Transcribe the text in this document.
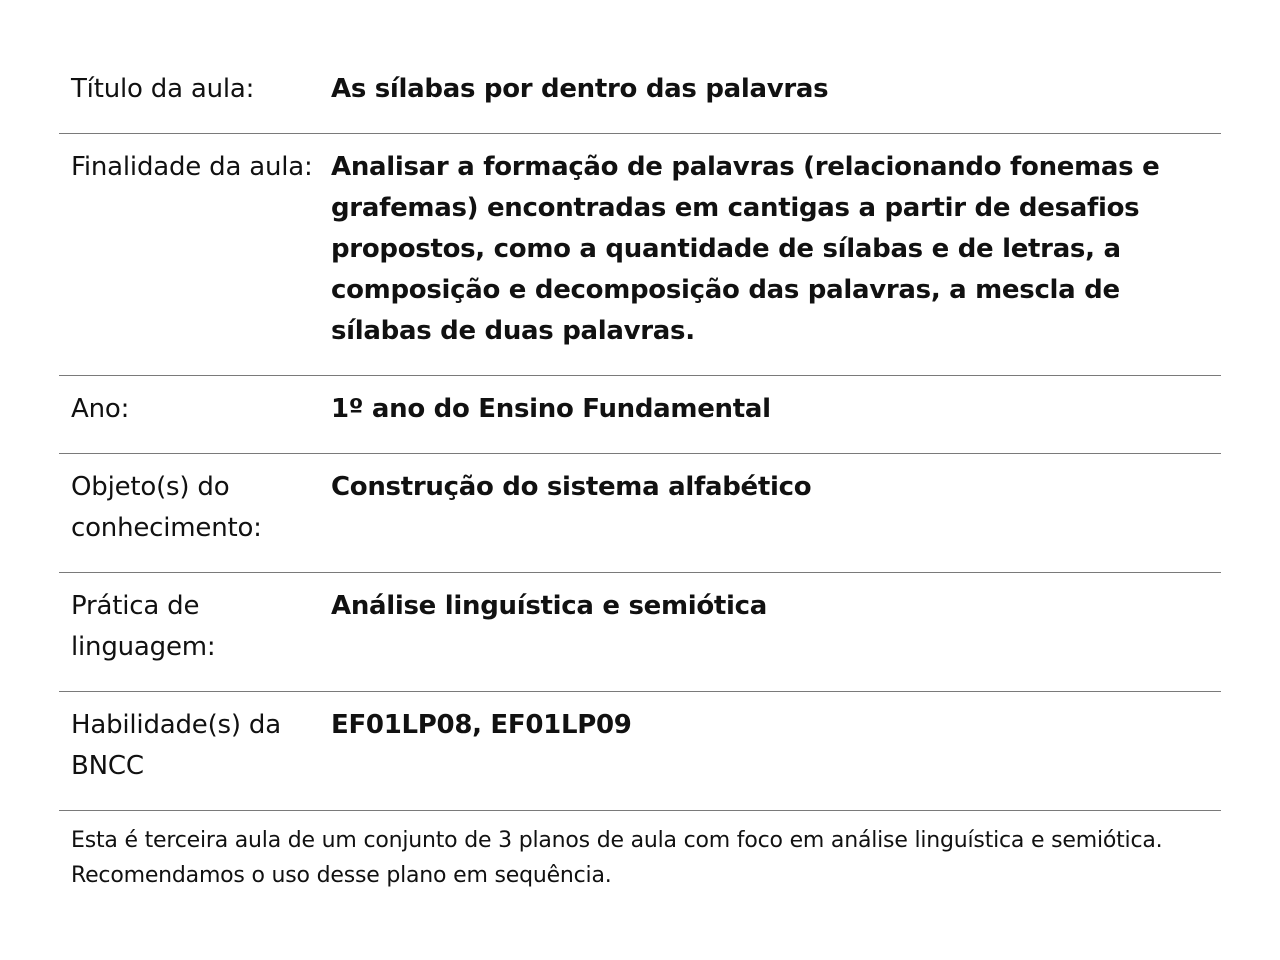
Título da aula:	As sílabas por dentro das palavras

Finalidade da aula:	Analisar a formação de palavras (relacionando fonemas e grafemas) encontradas em cantigas a partir de desafios propostos, como a quantidade de sílabas e de letras, a composição e decomposição das palavras, a mescla de sílabas de duas palavras.

Ano:	1º ano do Ensino Fundamental

Objeto(s) do conhecimento:	Construção do sistema alfabético

Prática de linguagem:	Análise linguística e semiótica

Habilidade(s) da BNCC	EF01LP08, EF01LP09
Esta é terceira aula de um conjunto de 3 planos de aula com foco em análise linguística e semiótica. Recomendamos o uso desse plano em sequência.
